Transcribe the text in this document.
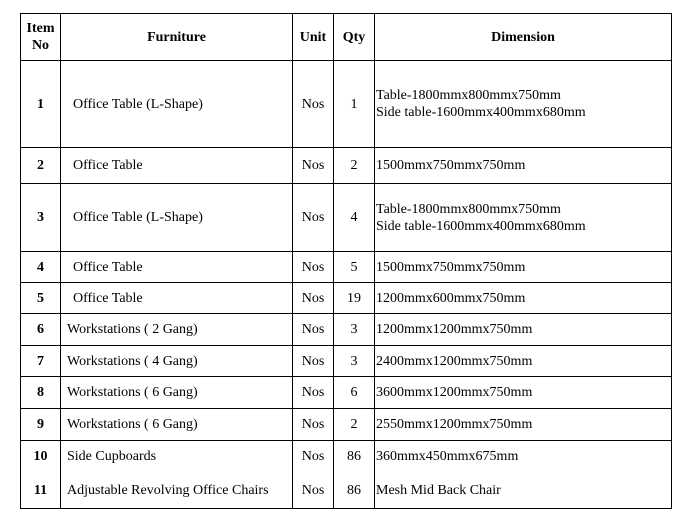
Item No	Furniture	Unit	Qty	Dimension
1	Office Table (L-Shape)	Nos	1	Table-1800mmx800mmx750mm
Side table-1600mmx400mmx680mm

2	Office Table	Nos	2	1500mmx750mmx750mm

3	Office Table (L-Shape)	Nos	4	Table-1800mmx800mmx750mm
Side table-1600mmx400mmx680mm

4	Office Table	Nos	5	1500mmx750mmx750mm

5	Office Table	Nos	19	1200mmx600mmx750mm

6	Workstations ( 2 Gang)	Nos	3	1200mmx1200mmx750mm

7	Workstations ( 4 Gang)	Nos	3	2400mmx1200mmx750mm

8	Workstations ( 6 Gang)	Nos	6	3600mmx1200mmx750mm

9	Workstations ( 6 Gang)	Nos	2	2550mmx1200mmx750mm

10	Side Cupboards	Nos	86	360mmx450mmx675mm

11	Adjustable Revolving Office Chairs	Nos	86	Mesh Mid Back Chair
